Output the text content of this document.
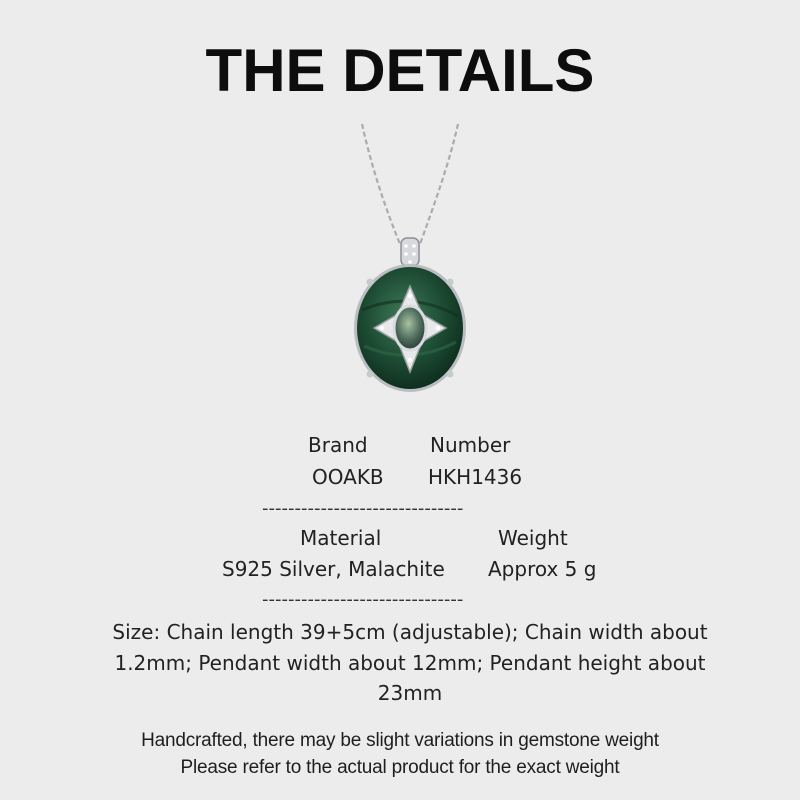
THE DETAILS
Brand	Number
OOAKB HKH1436
-------------------------------
Material	Weight
S925 Silver, Malachite Approx 5 g
-------------------------------
Size: Chain length 39+5cm (adjustable); Chain width about 1.2mm; Pendant width about 12mm; Pendant height about 23mm
Handcrafted, there may be slight variations in gemstone weight
Please refer to the actual product for the exact weight
